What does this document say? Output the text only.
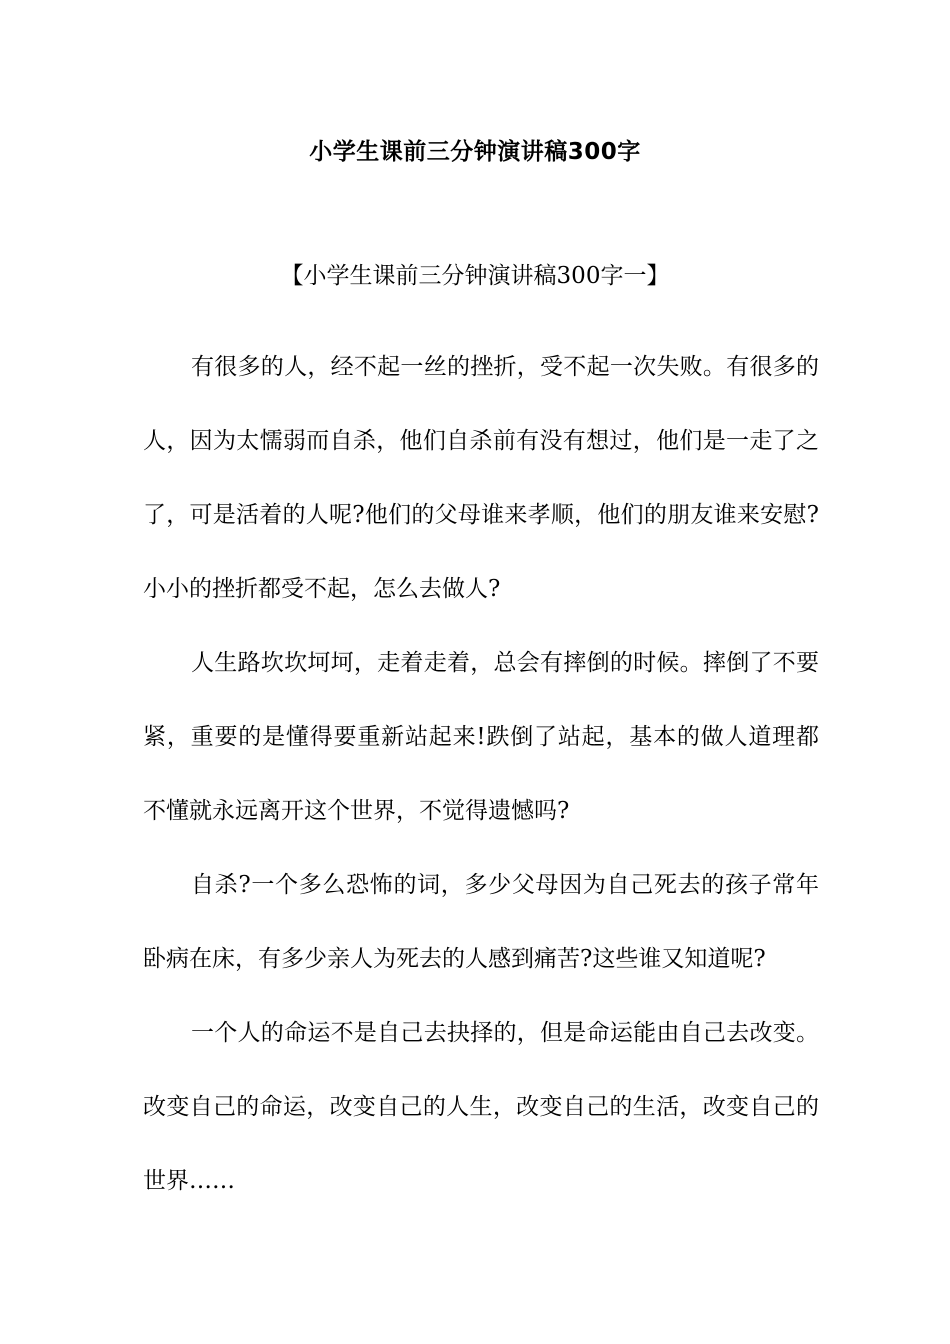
小学生课前三分钟演讲稿300字
【小学生课前三分钟演讲稿300字一】

有很多的人，经不起一丝的挫折，受不起一次失败。有很多的人，因为太懦弱而自杀，他们自杀前有没有想过，他们是一走了之了，可是活着的人呢?他们的父母谁来孝顺，他们的朋友谁来安慰?小小的挫折都受不起，怎么去做人?

人生路坎坎坷坷，走着走着，总会有摔倒的时候。摔倒了不要紧，重要的是懂得要重新站起来!跌倒了站起，基本的做人道理都不懂就永远离开这个世界，不觉得遗憾吗?

自杀?一个多么恐怖的词，多少父母因为自己死去的孩子常年卧病在床，有多少亲人为死去的人感到痛苦?这些谁又知道呢?

一个人的命运不是自己去抉择的，但是命运能由自己去改变。改变自己的命运，改变自己的人生，改变自己的生活，改变自己的世界……
